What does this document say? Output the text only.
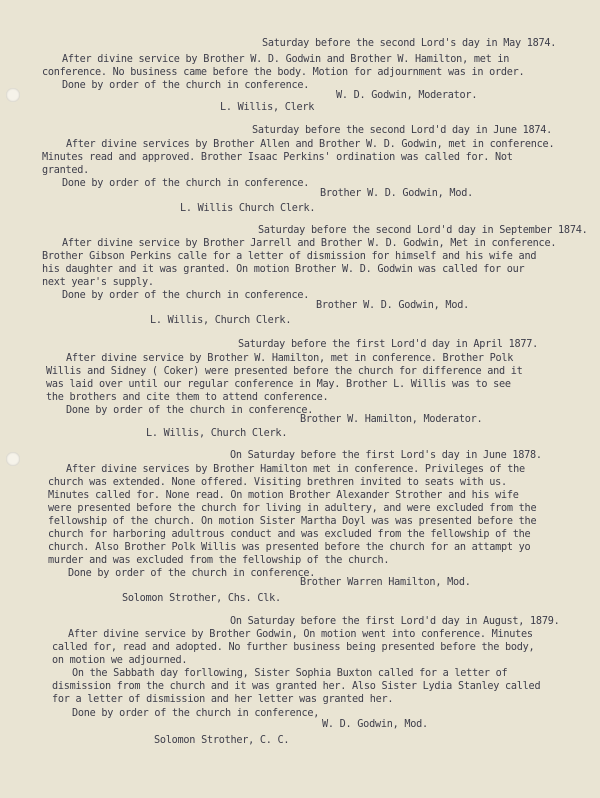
Saturday before the second Lord's day in May 1874.
After divine service by Brother W. D. Godwin and Brother W. Hamilton, met in
conference. No business came before the body. Motion for adjournment was in order.
Done by order of the church in conference.
W. D. Godwin, Moderator.
L. Willis, Clerk
Saturday before the second Lord'd day in June 1874.
After divine services by Brother Allen and Brother W. D. Godwin, met in conference.
Minutes read and approved. Brother Isaac Perkins' ordination was called for. Not
granted.
Done by order of the church in conference.
Brother W. D. Godwin, Mod.
L. Willis Church Clerk.
Saturday before the second Lord'd day in September 1874.
After divine service by Brother Jarrell and Brother W. D. Godwin, Met in conference.
Brother Gibson Perkins calle for a letter of dismission for himself and his wife and
his daughter and it was granted. On motion Brother W. D. Godwin was called for our
next year's supply.
Done by order of the church in conference.
Brother W. D. Godwin, Mod.
L. Willis, Church Clerk.
Saturday before the first Lord'd day in April 1877.
After divine service by Brother W. Hamilton, met in conference. Brother Polk
Willis and Sidney ( Coker) were presented before the church for difference and it
was laid over until our regular conference in May. Brother L. Willis was to see
the brothers and cite them to attend conference.
Done by order of the church in conference.
Brother W. Hamilton, Moderator.
L. Willis, Church Clerk.
On Saturday before the first Lord's day in June 1878.
After divine services by Brother Hamilton met in conference. Privileges of the
church was extended. None offered. Visiting brethren invited to seats with us.
Minutes called for. None read. On motion Brother Alexander Strother and his wife
were presented before the church for living in adultery, and were excluded from the
fellowship of the church. On motion Sister Martha Doyl was was presented before the
church for harboring adultrous conduct and was excluded from the fellowship of the
church. Also Brother Polk Willis was presented before the church for an attampt yo
murder and was excluded from the fellowship of the church.
Done by order of the church in conference.
Brother Warren Hamilton, Mod.
Solomon Strother, Chs. Clk.
On Saturday before the first Lord'd day in August, 1879.
After divine service by Brother Godwin, On motion went into conference. Minutes
called for, read and adopted. No further business being presented before the body,
on motion we adjourned.
On the Sabbath day forllowing, Sister Sophia Buxton called for a letter of
dismission from the church and it was granted her. Also Sister Lydia Stanley called
for a letter of dismission and her letter was granted her.
Done by order of the church in conference,
W. D. Godwin, Mod.
Solomon Strother, C. C.
